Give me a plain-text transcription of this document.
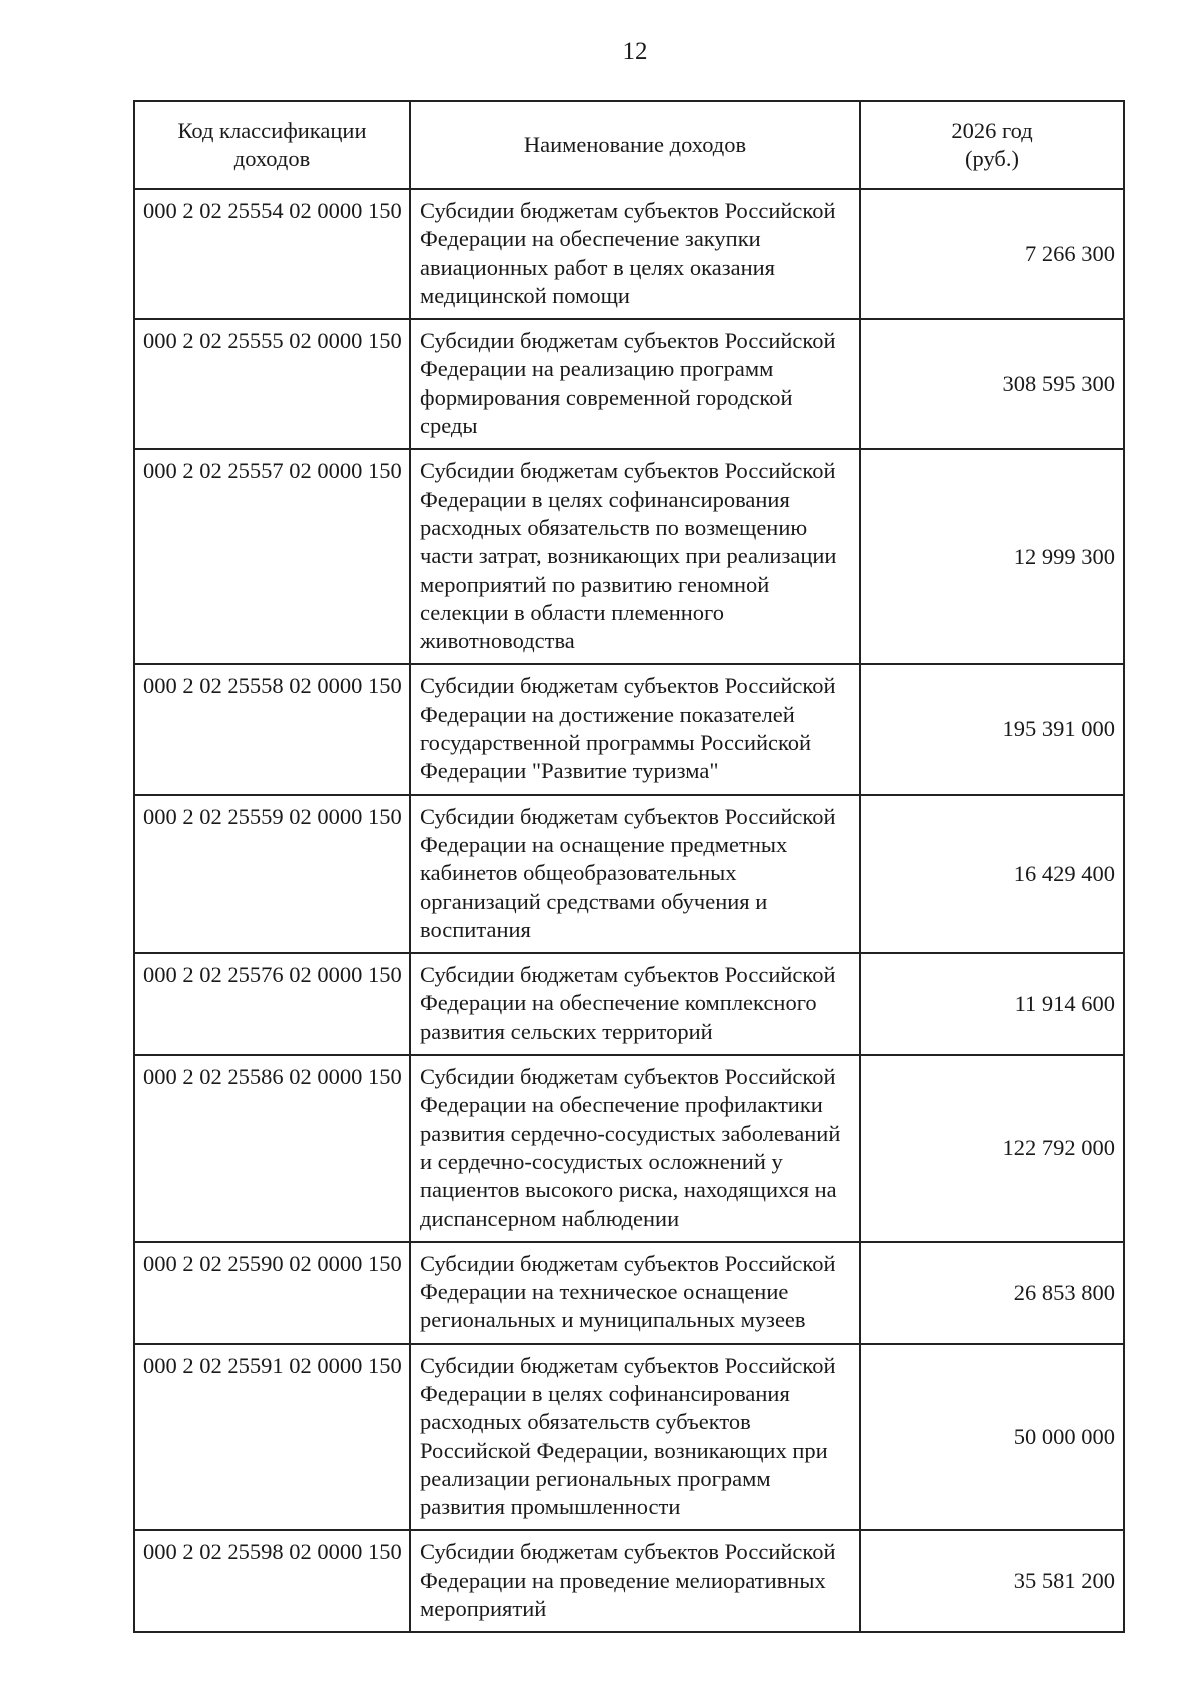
12
Код классификации доходов	Наименование доходов	2026 год (руб.)
000 2 02 25554 02 0000 150	Субсидии бюджетам субъектов Российской Федерации на обеспечение закупки авиационных работ в целях оказания медицинской помощи	7 266 300
000 2 02 25555 02 0000 150	Субсидии бюджетам субъектов Российской Федерации на реализацию программ формирования современной городской среды	308 595 300
000 2 02 25557 02 0000 150	Субсидии бюджетам субъектов Российской Федерации в целях софинансирования расходных обязательств по возмещению части затрат, возникающих при реализации мероприятий по развитию геномной селекции в области племенного животноводства	12 999 300
000 2 02 25558 02 0000 150	Субсидии бюджетам субъектов Российской Федерации на достижение показателей государственной программы Российской Федерации "Развитие туризма"	195 391 000
000 2 02 25559 02 0000 150	Субсидии бюджетам субъектов Российской Федерации на оснащение предметных кабинетов общеобразовательных организаций средствами обучения и воспитания	16 429 400
000 2 02 25576 02 0000 150	Субсидии бюджетам субъектов Российской Федерации на обеспечение комплексного развития сельских территорий	11 914 600
000 2 02 25586 02 0000 150	Субсидии бюджетам субъектов Российской Федерации на обеспечение профилактики развития сердечно-сосудистых заболеваний и сердечно-сосудистых осложнений у пациентов высокого риска, находящихся на диспансерном наблюдении	122 792 000
000 2 02 25590 02 0000 150	Субсидии бюджетам субъектов Российской Федерации на техническое оснащение региональных и муниципальных музеев	26 853 800
000 2 02 25591 02 0000 150	Субсидии бюджетам субъектов Российской Федерации в целях софинансирования расходных обязательств субъектов Российской Федерации, возникающих при реализации региональных программ развития промышленности	50 000 000
000 2 02 25598 02 0000 150	Субсидии бюджетам субъектов Российской Федерации на проведение мелиоративных мероприятий	35 581 200
